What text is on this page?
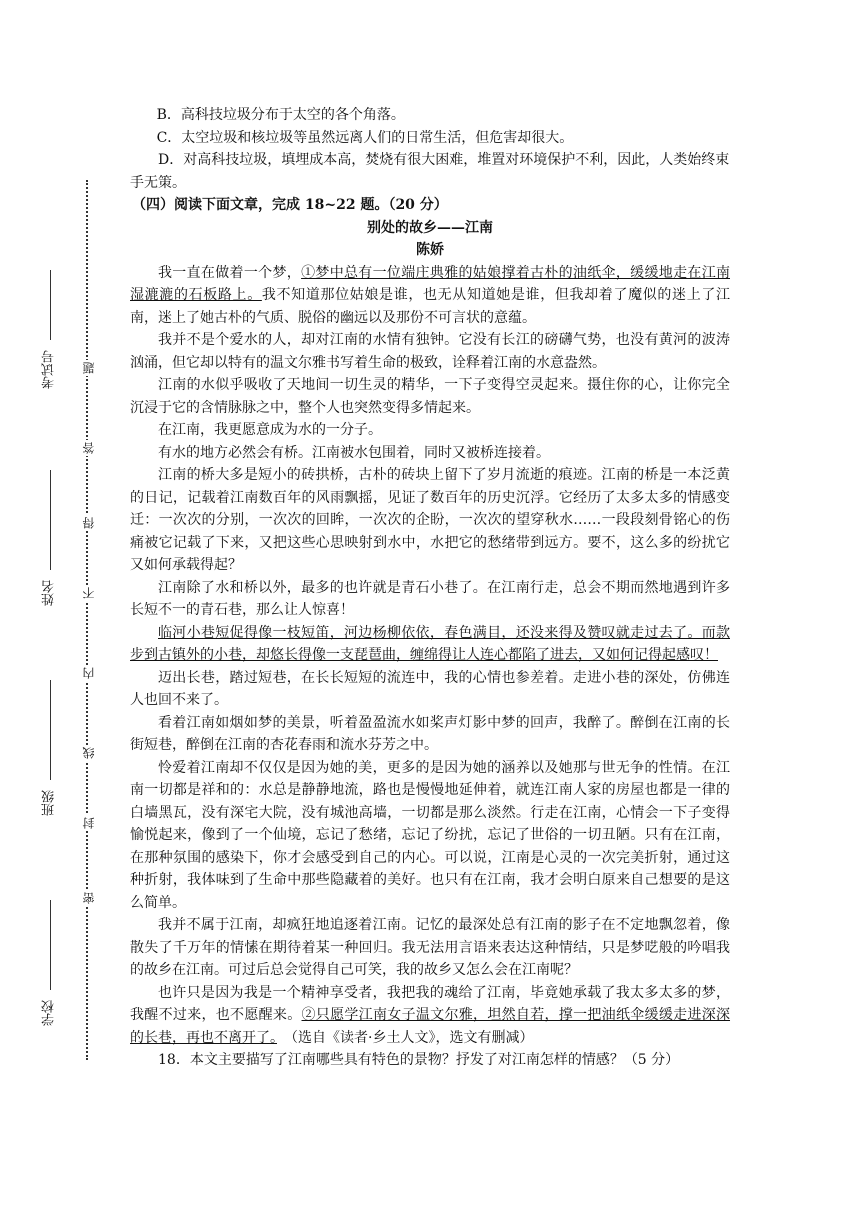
考试号
姓名
班级
学校
题
答
得
不
内
线
封
密

B．高科技垃圾分布于太空的各个角落。

C．太空垃圾和核垃圾等虽然远离人们的日常生活，但危害却很大。

D．对高科技垃圾，填埋成本高，焚烧有很大困难，堆置对环境保护不利，因此，人类始终束手无策。

（四）阅读下面文章，完成 18~22 题。（20 分）

别处的故乡——江南

陈娇

我一直在做着一个梦，①梦中总有一位端庄典雅的姑娘撑着古朴的油纸伞，缓缓地走在江南湿漉漉的石板路上。我不知道那位姑娘是谁，也无从知道她是谁，但我却着了魔似的迷上了江南，迷上了她古朴的气质、脱俗的幽远以及那份不可言状的意蕴。

我并不是个爱水的人，却对江南的水情有独钟。它没有长江的磅礴气势，也没有黄河的波涛汹涌，但它却以特有的温文尔雅书写着生命的极致，诠释着江南的水意盎然。

江南的水似乎吸收了天地间一切生灵的精华，一下子变得空灵起来。摄住你的心，让你完全沉浸于它的含情脉脉之中，整个人也突然变得多情起来。

在江南，我更愿意成为水的一分子。

有水的地方必然会有桥。江南被水包围着，同时又被桥连接着。

江南的桥大多是短小的砖拱桥，古朴的砖块上留下了岁月流逝的痕迹。江南的桥是一本泛黄的日记，记载着江南数百年的风雨飘摇，见证了数百年的历史沉浮。它经历了太多太多的情感变迁：一次次的分别，一次次的回眸，一次次的企盼，一次次的望穿秋水……一段段刻骨铭心的伤痛被它记载了下来，又把这些心思映射到水中，水把它的愁绪带到远方。要不，这么多的纷扰它又如何承载得起？

江南除了水和桥以外，最多的也许就是青石小巷了。在江南行走，总会不期而然地遇到许多长短不一的青石巷，那么让人惊喜！

临河小巷短促得像一枝短笛，河边杨柳依依，春色满目，还没来得及赞叹就走过去了。而款步到古镇外的小巷，却悠长得像一支琵琶曲，缠绵得让人连心都陷了进去，又如何记得起感叹！

迈出长巷，踏过短巷，在长长短短的流连中，我的心情也参差着。走进小巷的深处，仿佛连人也回不来了。

看着江南如烟如梦的美景，听着盈盈流水如桨声灯影中梦的回声，我醉了。醉倒在江南的长街短巷，醉倒在江南的杏花春雨和流水芬芳之中。

怜爱着江南却不仅仅是因为她的美，更多的是因为她的涵养以及她那与世无争的性情。在江南一切都是祥和的：水总是静静地流，路也是慢慢地延伸着，就连江南人家的房屋也都是一律的白墙黑瓦，没有深宅大院，没有城池高墙，一切都是那么淡然。行走在江南，心情会一下子变得愉悦起来，像到了一个仙境，忘记了愁绪，忘记了纷扰，忘记了世俗的一切丑陋。只有在江南，在那种氛围的感染下，你才会感受到自己的内心。可以说，江南是心灵的一次完美折射，通过这种折射，我体味到了生命中那些隐藏着的美好。也只有在江南，我才会明白原来自己想要的是这么简单。

我并不属于江南，却疯狂地追逐着江南。记忆的最深处总有江南的影子在不定地飘忽着，像散失了千万年的情愫在期待着某一种回归。我无法用言语来表达这种情结，只是梦呓般的吟唱我的故乡在江南。可过后总会觉得自己可笑，我的故乡又怎么会在江南呢？

也许只是因为我是一个精神享受者，我把我的魂给了江南，毕竟她承载了我太多太多的梦，我醒不过来，也不愿醒来。②只愿学江南女子温文尔雅，坦然自若，撑一把油纸伞缓缓走进深深的长巷，再也不离开了。　 （选自《读者·乡土人文》，选文有删减）

18．本文主要描写了江南哪些具有特色的景物？抒发了对江南怎样的情感？（5 分）
